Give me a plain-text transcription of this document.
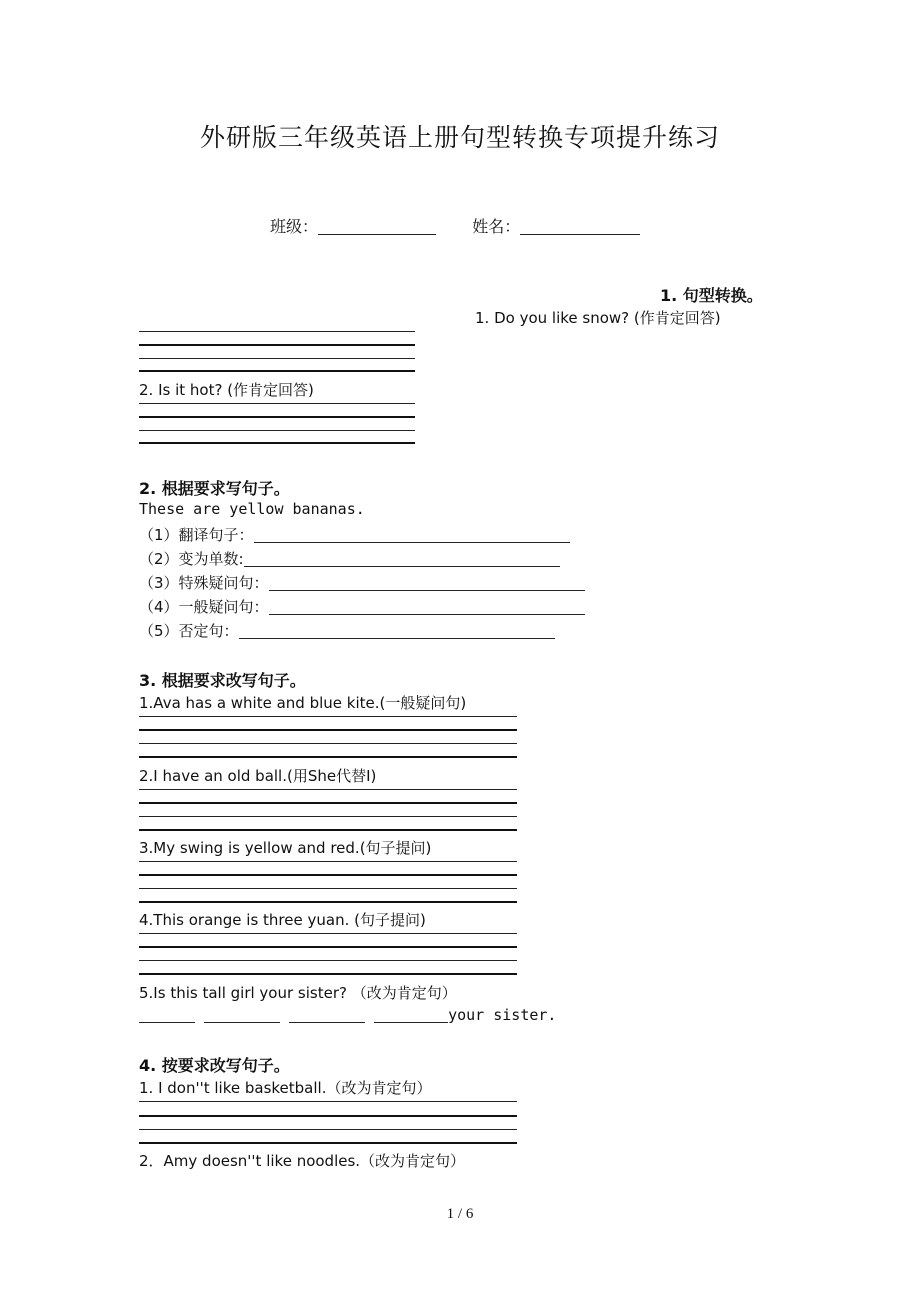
外研版三年级英语上册句型转换专项提升练习
班级：	姓名：
1. 句型转换。
1. Do you like snow? (作肯定回答)
2. Is it hot? (作肯定回答)
2. 根据要求写句子。
These are yellow bananas.
（1）翻译句子：
（2）变为单数:
（3）特殊疑问句：
（4）一般疑问句：
（5）否定句：
3. 根据要求改写句子。
1.Ava has a white and blue kite.(一般疑问句)
2.I have an old ball.(用She代替I)
3.My swing is yellow and red.(句子提问)
4.This orange is three yuan. (句子提问)
5.Is this tall girl your sister? （改为肯定句）
your sister.
4. 按要求改写句子。
1. I don''t like basketball.（改为肯定句）
2．Amy doesn''t like noodles.（改为肯定句）
1 / 6
